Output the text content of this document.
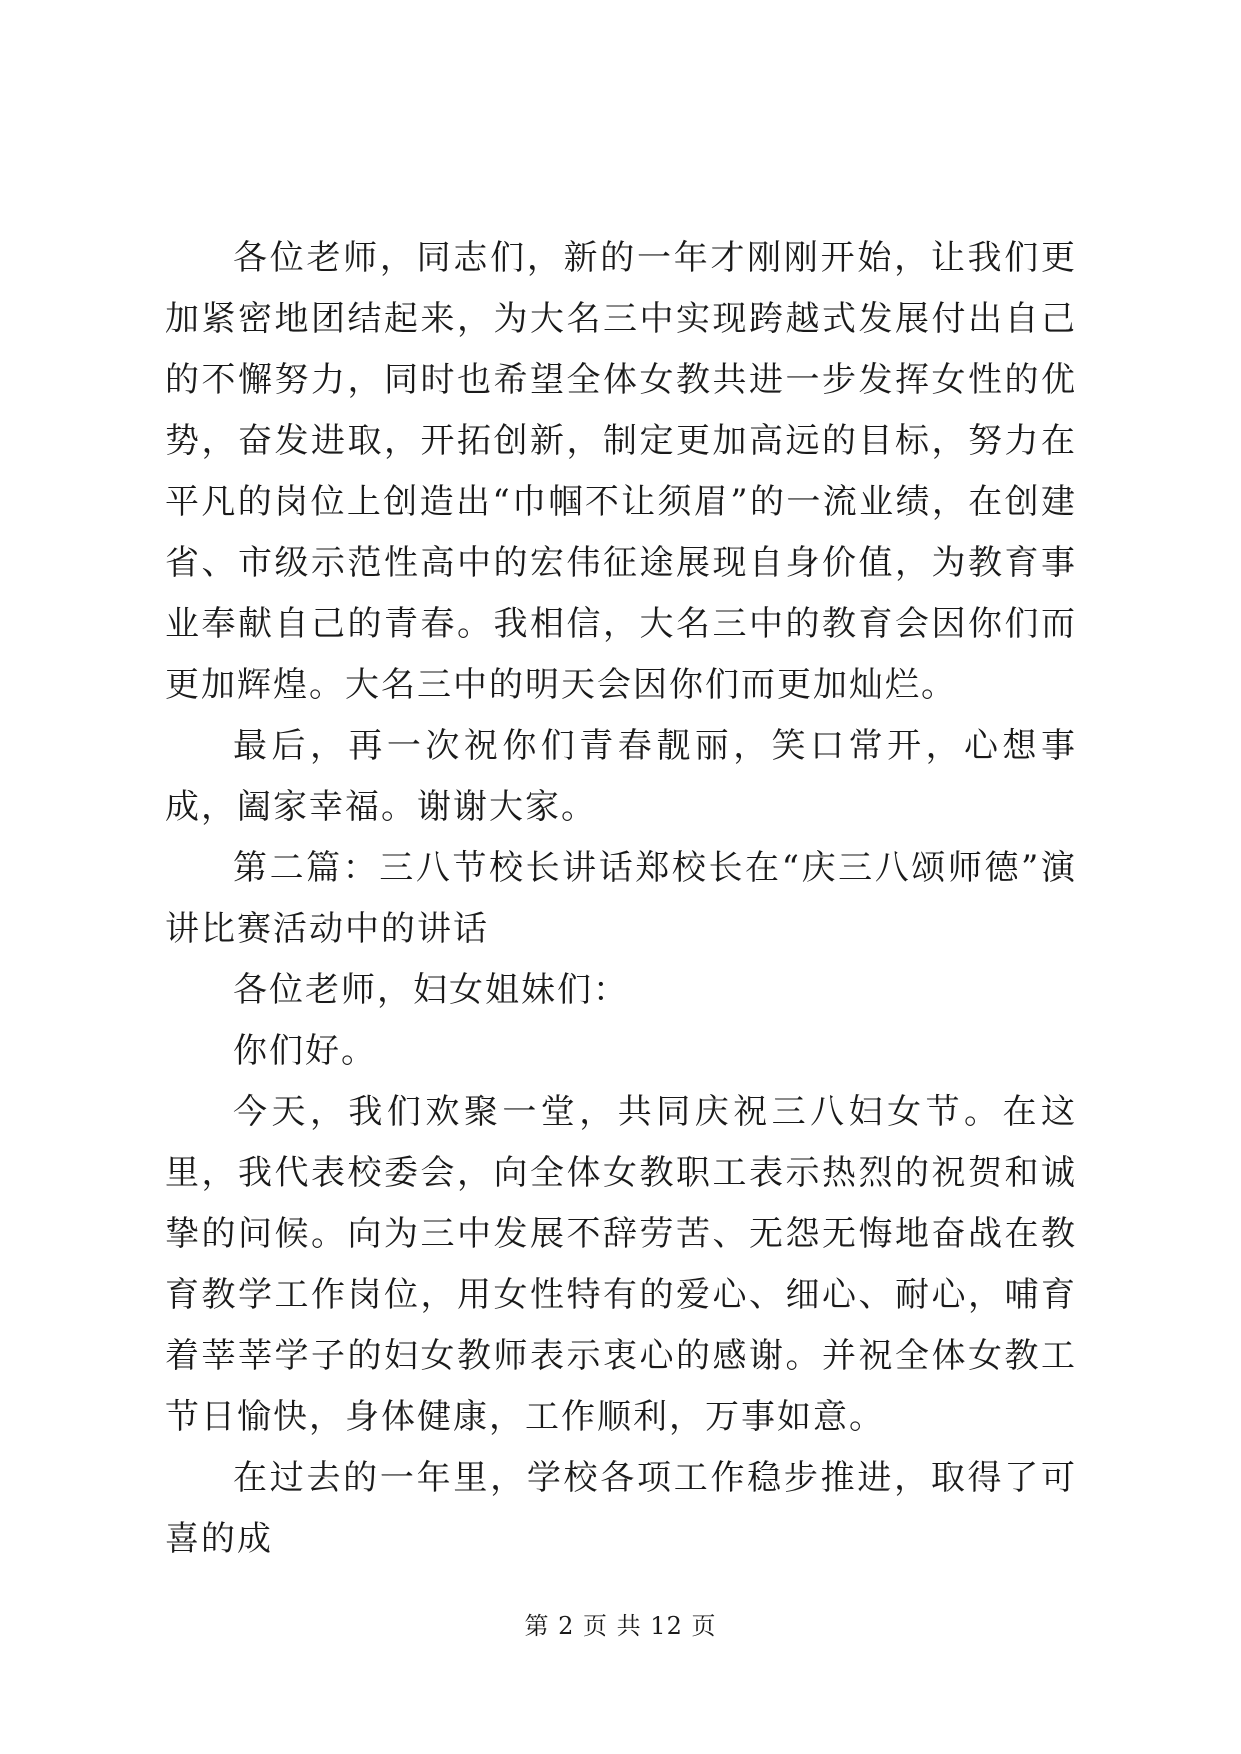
各位老师，同志们，新的一年才刚刚开始，让我们更加紧密地团结起来，为大名三中实现跨越式发展付出自己的不懈努力，同时也希望全体女教共进一步发挥女性的优势，奋发进取，开拓创新，制定更加高远的目标，努力在平凡的岗位上创造出“巾帼不让须眉”的一流业绩，在创建省、市级示范性高中的宏伟征途展现自身价值，为教育事业奉献自己的青春。我相信，大名三中的教育会因你们而更加辉煌。大名三中的明天会因你们而更加灿烂。

最后，再一次祝你们青春靓丽，笑口常开，心想事成，阖家幸福。谢谢大家。

第二篇：三八节校长讲话郑校长在“庆三八颂师德”演讲比赛活动中的讲话

各位老师，妇女姐妹们：

你们好。

今天，我们欢聚一堂，共同庆祝三八妇女节。在这里，我代表校委会，向全体女教职工表示热烈的祝贺和诚挚的问候。向为三中发展不辞劳苦、无怨无悔地奋战在教育教学工作岗位，用女性特有的爱心、细心、耐心，哺育着莘莘学子的妇女教师表示衷心的感谢。并祝全体女教工节日愉快，身体健康，工作顺利，万事如意。

在过去的一年里，学校各项工作稳步推进，取得了可喜的成

第 2 页 共 12 页
